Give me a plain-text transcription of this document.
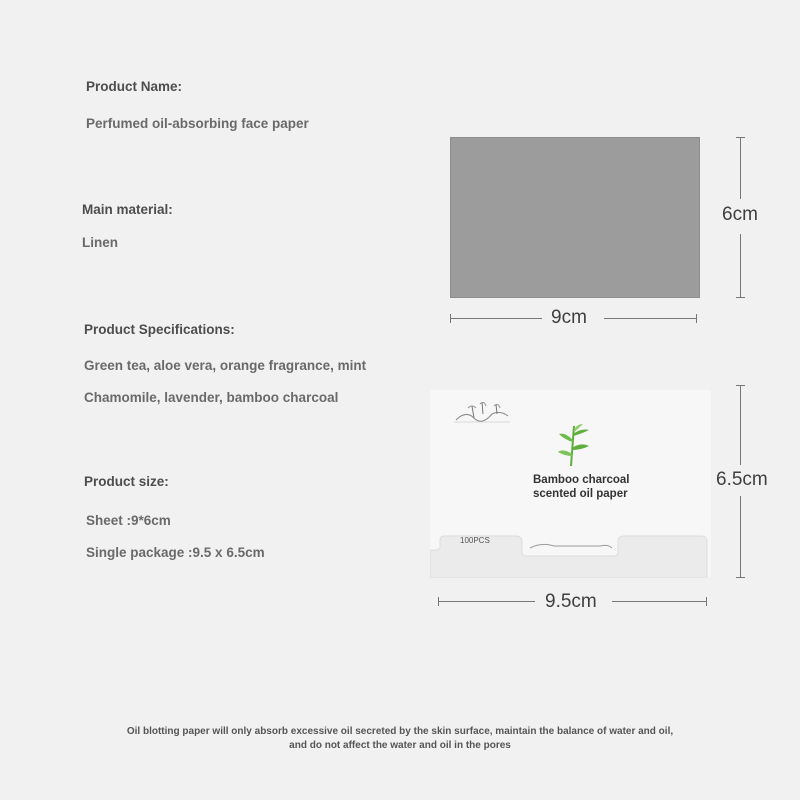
Product Name:
Perfumed oil-absorbing face paper
Main material:
Linen
Product Specifications:
Green tea, aloe vera, orange fragrance, mint
Chamomile, lavender, bamboo charcoal
Product size:
Sheet :9*6cm
Single package :9.5 x 6.5cm
6cm
9cm
Bamboo charcoal
scented oil paper
100PCS
6.5cm
9.5cm
Oil blotting paper will only absorb excessive oil secreted by the skin surface, maintain the balance of water and oil,
and do not affect the water and oil in the pores
